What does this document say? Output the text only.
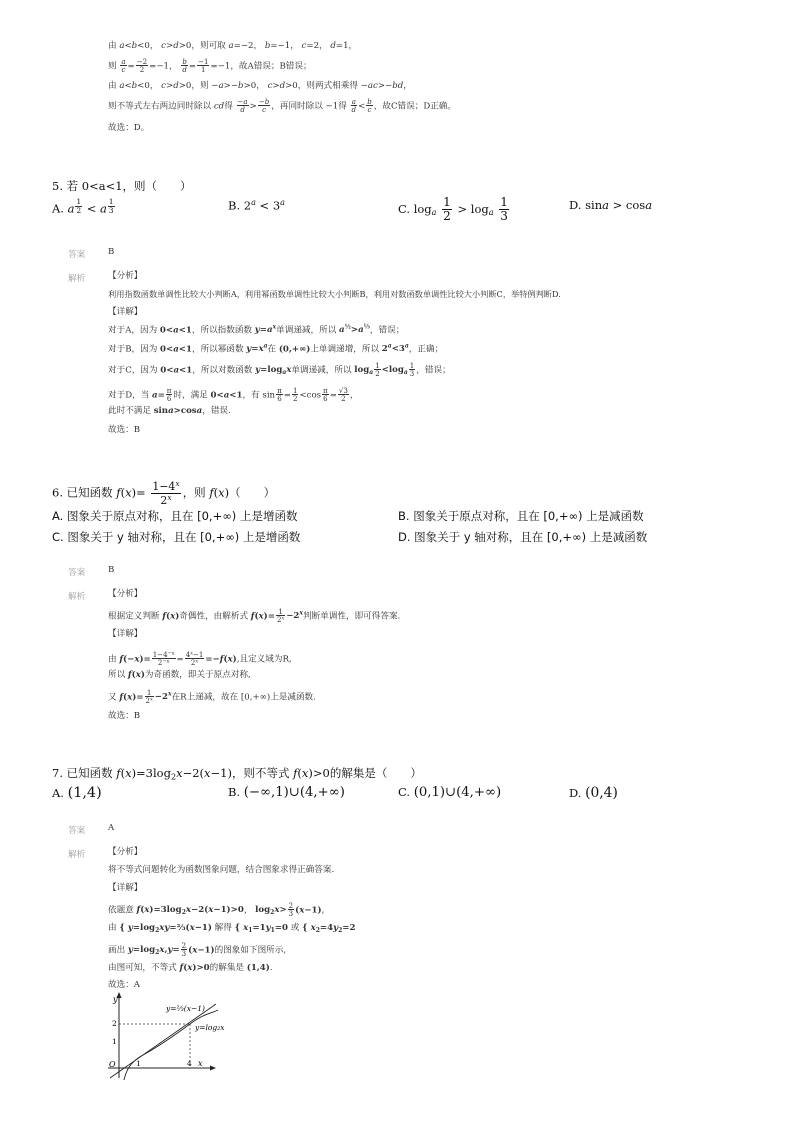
由 a<b<0， c>d>0，则可取 a=−2， b=−1， c=2， d=1，
则 $\frac{a}{c} = \frac{-2}{2} =-1$， $\frac{b}{d} = \frac{-1}{1} =-1$，故A错误；B错误；
由 a<b<0， c>d>0，则 −a>−b>0， c>d>0，则两式相乘得 −ac>−bd，
则不等式左右两边同时除以 cd得 $\frac{-a}{d} > \frac{-b}{c}$ ，再同时除以 −1得 $\frac{a}{d} < \frac{b}{c}$ ，故C错误；D正确。
故选：D。
5. 若 0<a<1，则（　　）
A. a $^{\frac{1}{2}}$ < a $^{\frac{1}{3}}$	B. $2^a < 3^a$	C. $\log_a \frac{1}{2} > \log_a \frac{1}{3}$	D. sina > cosa
答案	B
解析	【分析】
利用指数函数单调性比较大小判断A，利用幂函数单调性比较大小判断B，利用对数函数单调性比较大小判断C，举特例判断D.
【详解】
对于A，因为 0<a<1，所以指数函数 $y=a^x$单调递减，所以 $a^{\frac{1}{2}}>a^{\frac{1}{3}}$，错误；
对于B，因为 0<a<1，所以幂函数 $y=x^a$在 (0,+∞)上单调递增，所以 $2^a<3^a$，正确；
对于C，因为 0<a<1，所以对数函数 $y=\log_ax$单调递减，所以 $\log_a \frac{1}{2} <\log_a \frac{1}{3}$ ，错误；
对于D，当 $a= \frac{\pi}{6}$ 时，满足 0<a<1，有 $\sin \frac{\pi}{6} = \frac{1}{2} <\cos \frac{\pi}{6} = \frac{√3}{2}$ ，
此时不满足 sina>cosa，错误.
故选：B
6. 已知函数 $f(x)= \frac{1-4^x}{2^x}$ ，则 f(x)（　　）
A. 图象关于原点对称，且在 [0,+∞) 上是增函数	B. 图象关于原点对称，且在 [0,+∞) 上是减函数
C. 图象关于 y 轴对称，且在 [0,+∞) 上是增函数	D. 图象关于 y 轴对称，且在 [0,+∞) 上是减函数
答案	B
解析	【分析】
根据定义判断 f(x)奇偶性，由解析式 $f(x)= \frac{1}{2^x} -2^x$判断单调性，即可得答案.
【详解】
由 $f(-x)= \frac{1-4^{-x}}{2^{-x}} = \frac{4^x-1}{2^x} =-f(x)$,且定义域为R,
所以 f(x)为奇函数，即关于原点对称,
又 $f(x)= \frac{1}{2^x} -2^x$在R上递减，故在 [0,+∞)上是减函数.
故选：B
7. 已知函数 $f(x)=3\log_2x-2(x-1)$，则不等式 f(x)>0的解集是（　　）
A. (1,4)	B. (−∞,1)∪(4,+∞)	C. (0,1)∪(4,+∞)	D. (0,4)
答案	A
解析	【分析】
将不等式问题转化为函数图象问题，结合图象求得正确答案.
【详解】
依题意 $f(x)=3\log_2x-2(x-1)>0$， $\log_2x> \frac{2}{3} (x-1)$,
由 { $y=\log_2xy=\frac{2}{3}(x-1)$ 解得 { $x_1=1y_1=0$ 或 { $x_2=4y_2=2$
画出 $y=\log_2x,y= \frac{2}{3} (x-1)$的图象如下图所示,
由图可知，不等式 f(x)>0的解集是 (1,4).
故选：A
y
x
O	1	4
1
2
y=⅔(x−1)
y=log₂x
